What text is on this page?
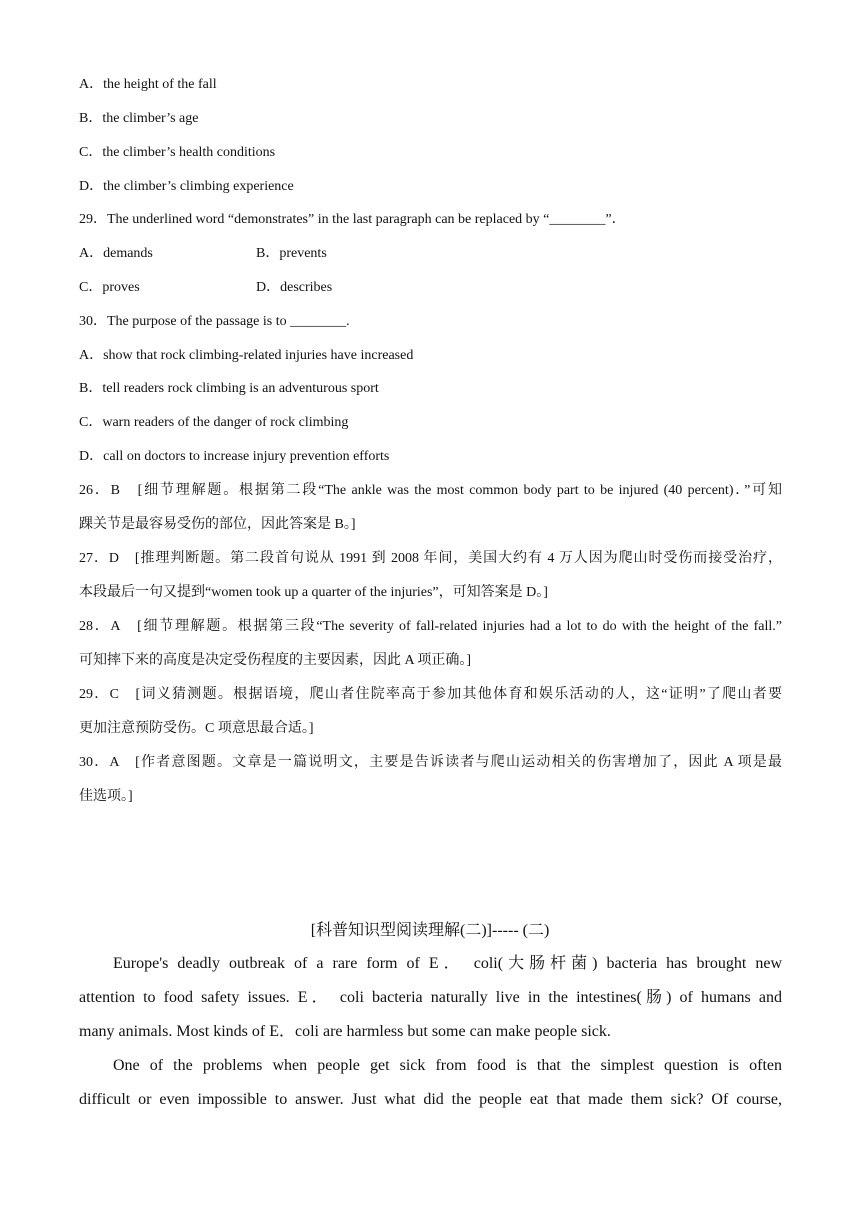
A．the height of the fall
B．the climber’s age
C．the climber’s health conditions
D．the climber’s climbing experience
29．The underlined word “demonstrates” in the last paragraph can be replaced by “________”．
A．demands	B．prevents
C．proves	D．describes
30．The purpose of the passage is to ________.
A．show that rock climbing-related injuries have increased
B．tell readers rock climbing is an adventurous sport
C．warn readers of the danger of rock climbing
D．call on doctors to increase injury prevention efforts
26．B　[细节理解题。根据第二段“The ankle was the most common body part to be injured (40 percent)．”可知
踝关节是最容易受伤的部位，因此答案是 B。]
27．D　[推理判断题。第二段首句说从 1991 到 2008 年间，美国大约有 4 万人因为爬山时受伤而接受治疗，
本段最后一句又提到“women took up a quarter of the injuries”，可知答案是 D。]
28．A　[细节理解题。根据第三段“The severity of fall-related injuries had a lot to do with the height of the fall.”
可知摔下来的高度是决定受伤程度的主要因素，因此 A 项正确。]
29．C　[词义猜测题。根据语境，爬山者住院率高于参加其他体育和娱乐活动的人，这“证明”了爬山者要
更加注意预防受伤。C 项意思最合适。]
30．A　[作者意图题。文章是一篇说明文，主要是告诉读者与爬山运动相关的伤害增加了，因此 A 项是最
佳选项。]
[科普知识型阅读理解(二)]----- (二)
Europe's deadly outbreak of a rare form of E． coli(大肠杆菌) bacteria has brought new
attention to food safety issues. E． coli bacteria naturally live in the intestines(肠) of humans and
many animals. Most kinds of E．coli are harmless but some can make people sick.
One of the problems when people get sick from food is that the simplest question is often
difficult or even impossible to answer. Just what did the people eat that made them sick? Of course,
